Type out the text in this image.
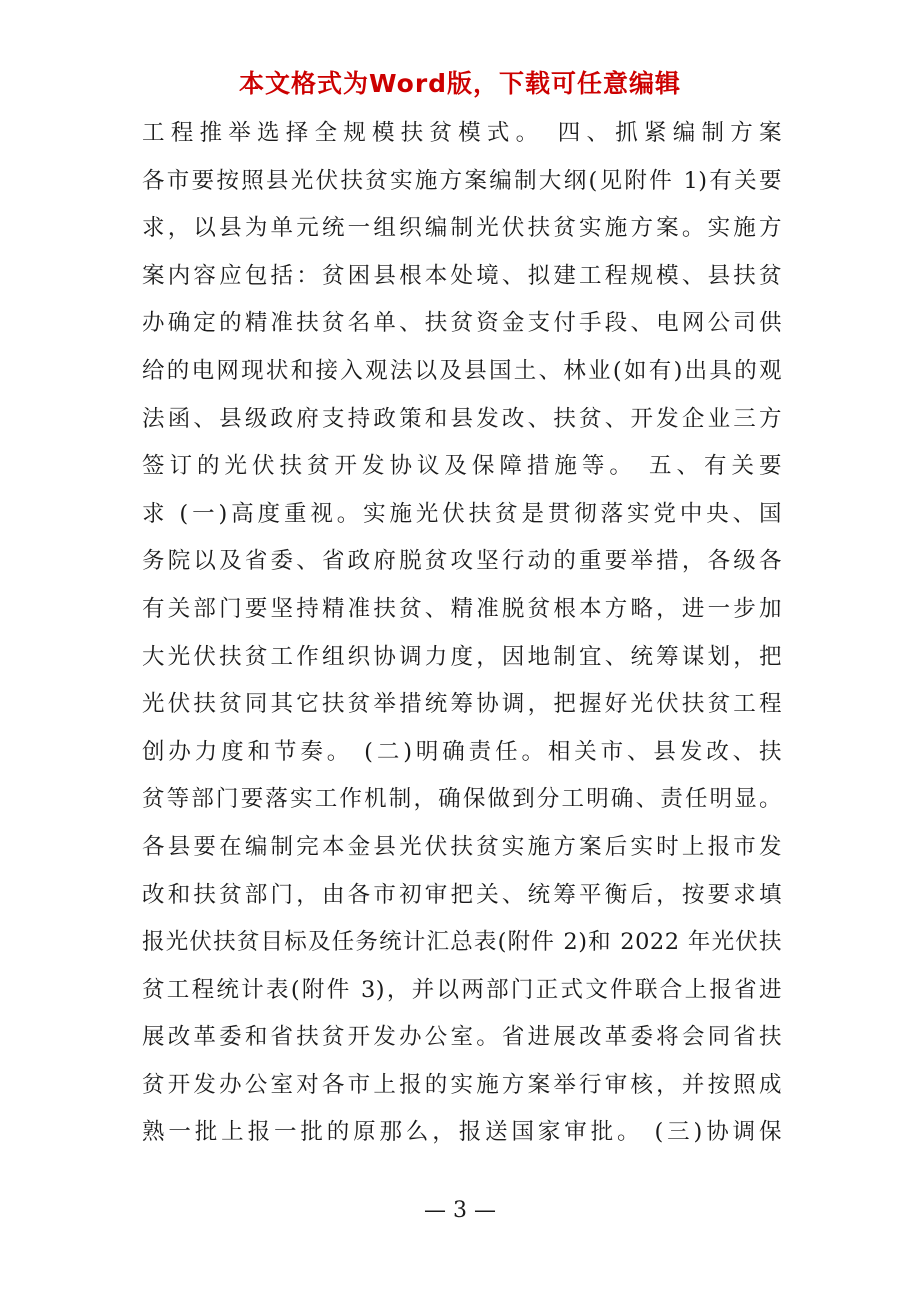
本文格式为Word版，下载可任意编辑
工程推举选择全规模扶贫模式。 四、抓紧编制方案
各市要按照县光伏扶贫实施方案编制大纲(见附件 1)有关要
求，以县为单元统一组织编制光伏扶贫实施方案。实施方
案内容应包括：贫困县根本处境、拟建工程规模、县扶贫
办确定的精准扶贫名单、扶贫资金支付手段、电网公司供
给的电网现状和接入观法以及县国土、林业(如有)出具的观
法函、县级政府支持政策和县发改、扶贫、开发企业三方
签订的光伏扶贫开发协议及保障措施等。 五、有关要
求 (一)高度重视。实施光伏扶贫是贯彻落实党中央、国
务院以及省委、省政府脱贫攻坚行动的重要举措，各级各
有关部门要坚持精准扶贫、精准脱贫根本方略，进一步加
大光伏扶贫工作组织协调力度，因地制宜、统筹谋划，把
光伏扶贫同其它扶贫举措统筹协调，把握好光伏扶贫工程
创办力度和节奏。 (二)明确责任。相关市、县发改、扶
贫等部门要落实工作机制，确保做到分工明确、责任明显。
各县要在编制完本金县光伏扶贫实施方案后实时上报市发
改和扶贫部门，由各市初审把关、统筹平衡后，按要求填
报光伏扶贫目标及任务统计汇总表(附件 2)和 2022 年光伏扶
贫工程统计表(附件 3)，并以两部门正式文件联合上报省进
展改革委和省扶贫开发办公室。省进展改革委将会同省扶
贫开发办公室对各市上报的实施方案举行审核，并按照成
熟一批上报一批的原那么，报送国家审批。 (三)协调保
— 3 —
